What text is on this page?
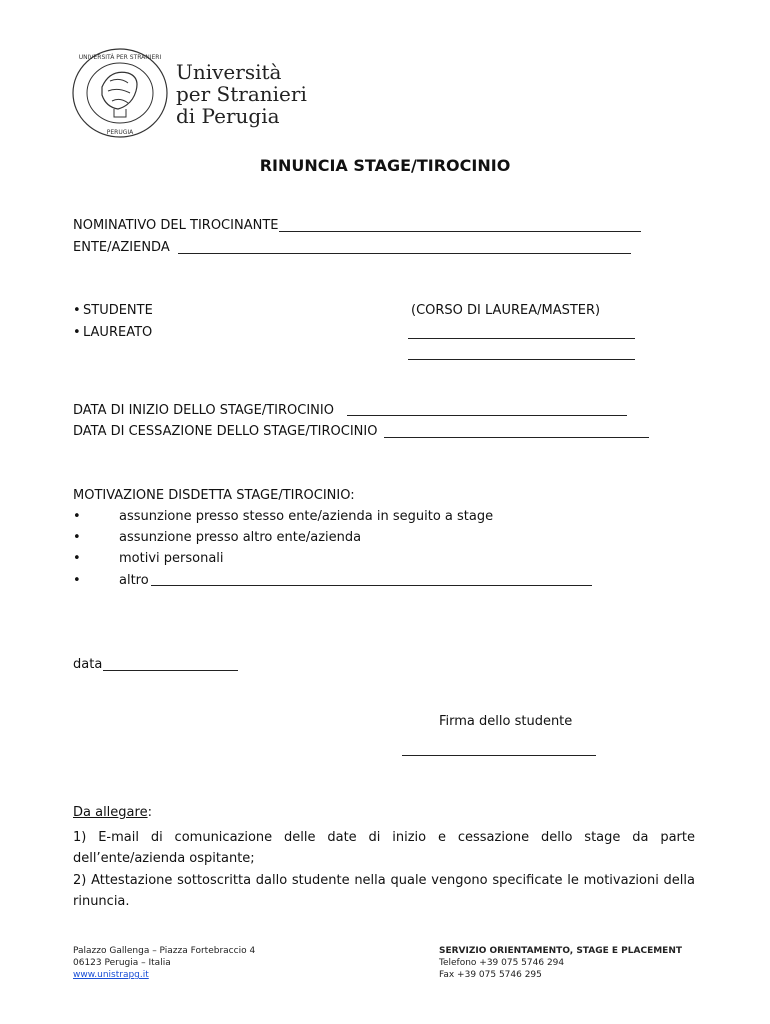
UNIVERSITÀ PER STRANIERI
PERUGIA
Università
per Stranieri
di Perugia
RINUNCIA STAGE/TIROCINIO
NOMINATIVO DEL TIROCINANTE
ENTE/AZIENDA
• STUDENTE
• LAUREATO
(CORSO DI LAUREA/MASTER)
DATA DI INIZIO DELLO STAGE/TIROCINIO
DATA DI CESSAZIONE DELLO STAGE/TIROCINIO
MOTIVAZIONE DISDETTA STAGE/TIROCINIO:
•	assunzione presso stesso ente/azienda in seguito a stage
•	assunzione presso altro ente/azienda
•	motivi personali
•	altro
data
Firma dello studente
Da allegare:
1) E-mail di comunicazione delle date di inizio e cessazione dello stage da parte dell’ente/azienda ospitante;
2) Attestazione sottoscritta dallo studente nella quale vengono specificate le motivazioni della rinuncia.
Palazzo Gallenga – Piazza Fortebraccio 4
06123 Perugia – Italia
www.unistrapg.it
SERVIZIO ORIENTAMENTO, STAGE E PLACEMENT
Telefono +39 075 5746 294
Fax +39 075 5746 295
